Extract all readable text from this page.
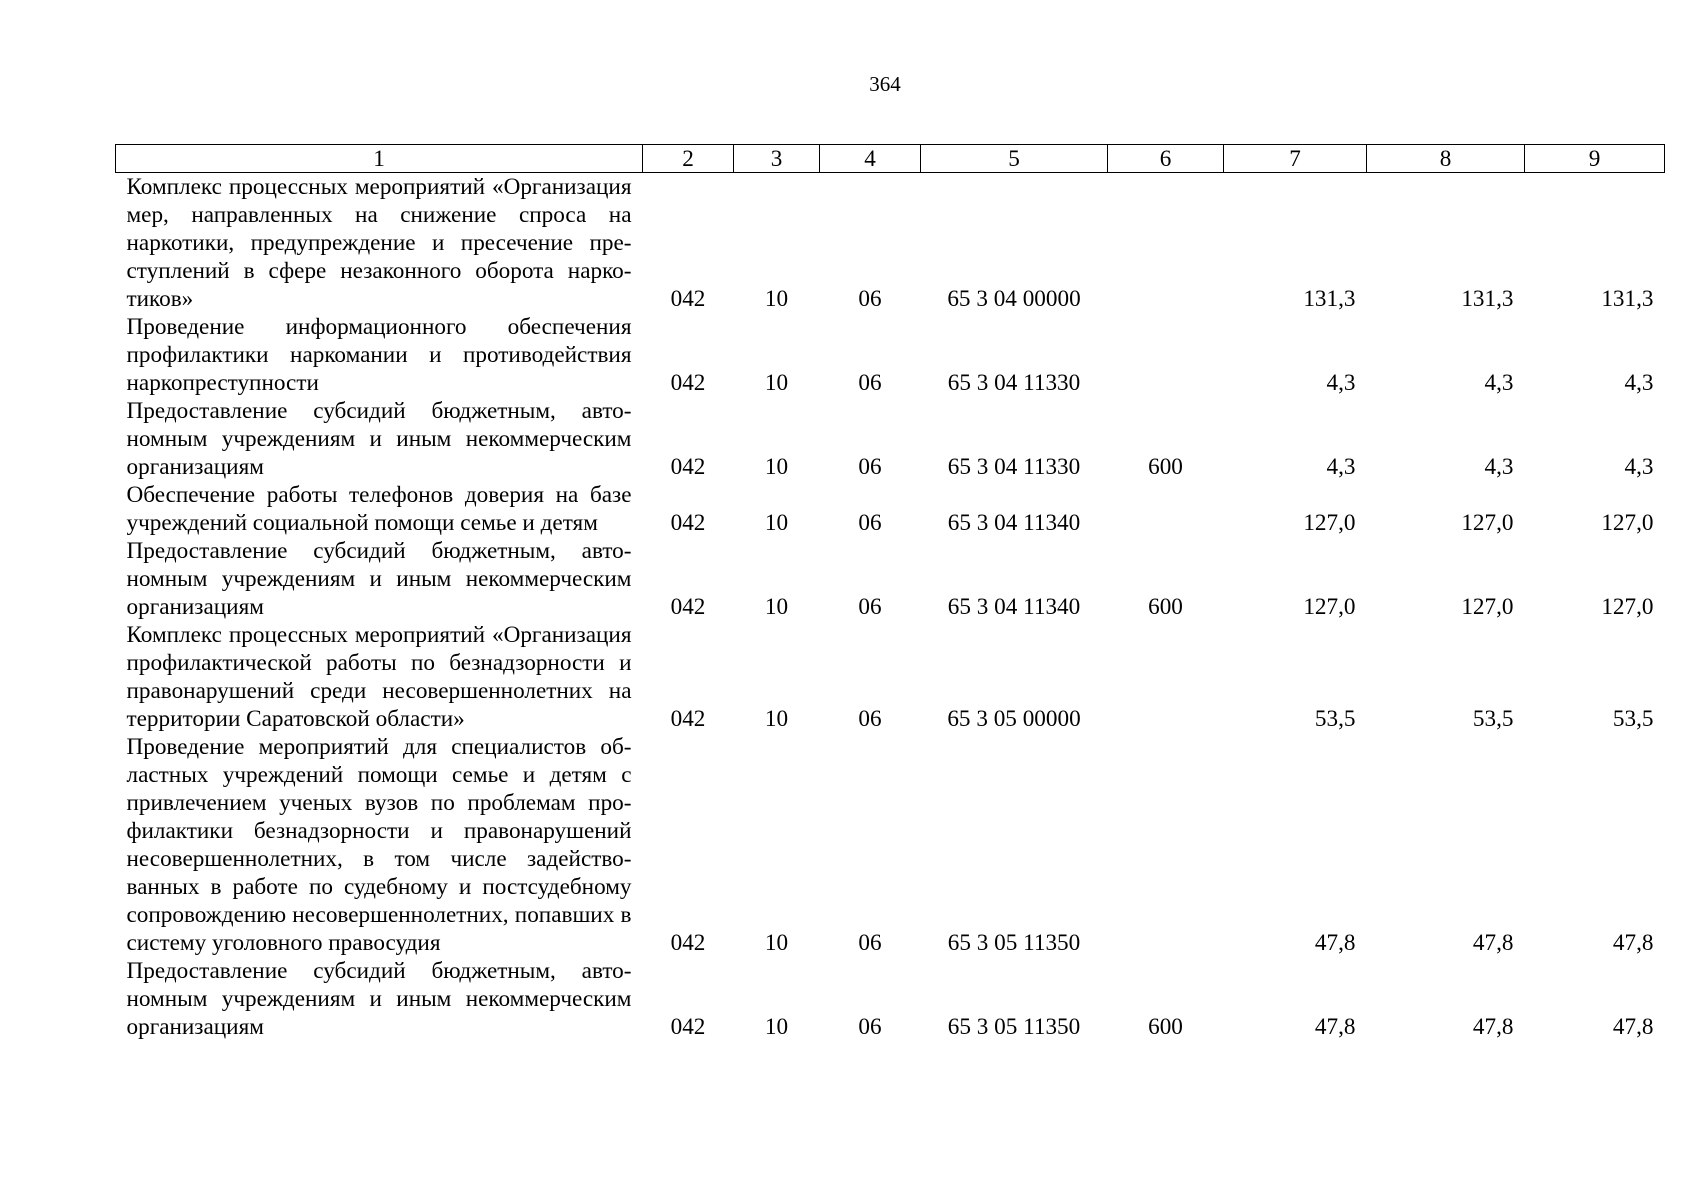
364
1	2	3	4	5	6	7	8	9
Комплекс процессных мероприятий «Организация мер, направленных на снижение спроса на наркотики, предупреждение и пресечение преступлений в сфере незаконного оборота наркотиков»	042	10	06	65 3 04 00000		131,3	131,3	131,3
Проведение информационного обеспечения профилактики наркомании и противодействия наркопреступности	042	10	06	65 3 04 11330		4,3	4,3	4,3
Предоставление субсидий бюджетным, автономным учреждениям и иным некоммерческим организациям	042	10	06	65 3 04 11330	600	4,3	4,3	4,3
Обеспечение работы телефонов доверия на базе учреждений социальной помощи семье и детям	042	10	06	65 3 04 11340		127,0	127,0	127,0
Предоставление субсидий бюджетным, автономным учреждениям и иным некоммерческим организациям	042	10	06	65 3 04 11340	600	127,0	127,0	127,0
Комплекс процессных мероприятий «Организация профилактической работы по безнадзорности и правонарушений среди несовершеннолетних на территории Саратовской области»	042	10	06	65 3 05 00000		53,5	53,5	53,5
Проведение мероприятий для специалистов областных учреждений помощи семье и детям с привлечением ученых вузов по проблемам профилактики безнадзорности и правонарушений несовершеннолетних, в том числе задействованных в работе по судебному и постсудебному сопровождению несовершеннолетних, попавших в систему уголовного правосудия	042	10	06	65 3 05 11350		47,8	47,8	47,8
Предоставление субсидий бюджетным, автономным учреждениям и иным некоммерческим организациям	042	10	06	65 3 05 11350	600	47,8	47,8	47,8
